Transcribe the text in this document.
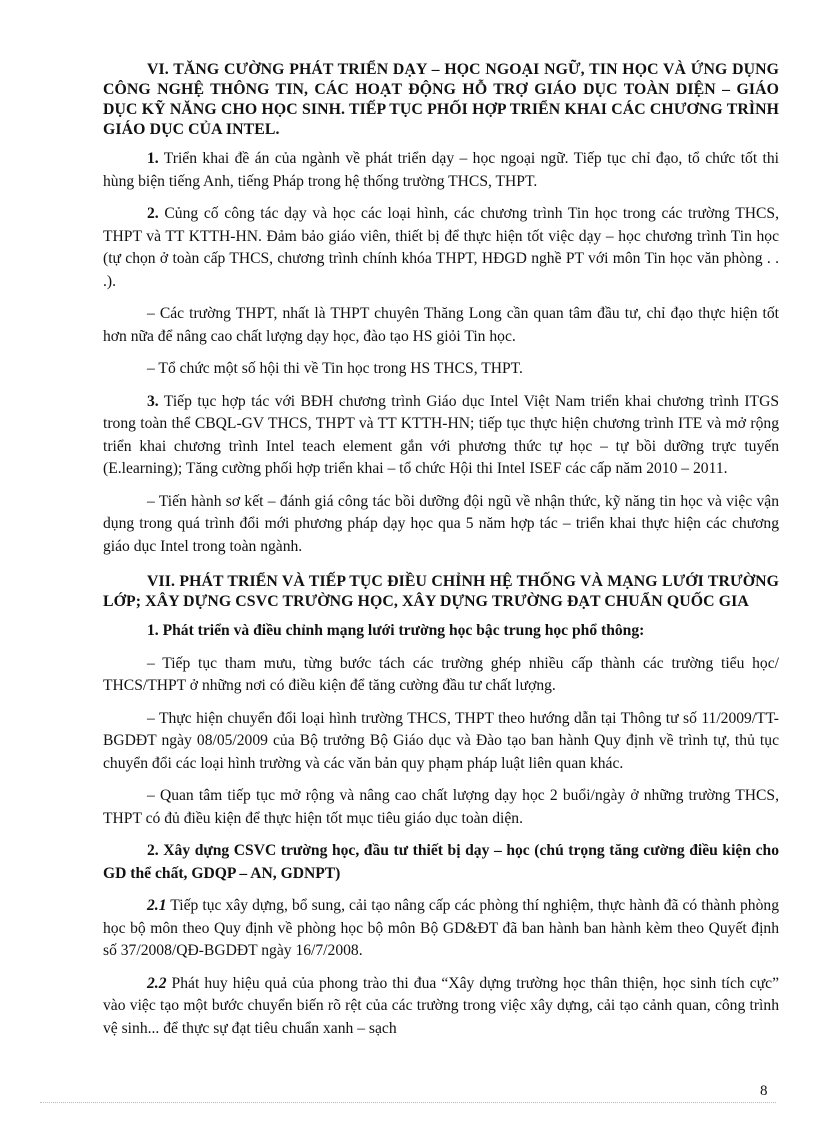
VI. TĂNG CƯỜNG PHÁT TRIỂN DẠY – HỌC NGOẠI NGỮ, TIN HỌC VÀ ỨNG DỤNG CÔNG NGHỆ THÔNG TIN, CÁC HOẠT ĐỘNG HỖ TRỢ GIÁO DỤC TOÀN DIỆN – GIÁO DỤC KỸ NĂNG CHO HỌC SINH. TIẾP TỤC PHỐI HỢP TRIỂN KHAI CÁC CHƯƠNG TRÌNH GIÁO DỤC CỦA INTEL.

1. Triển khai đề án của ngành về phát triển dạy – học ngoại ngữ. Tiếp tục chỉ đạo, tổ chức tốt thi hùng biện tiếng Anh, tiếng Pháp trong hệ thống trường THCS, THPT.

2. Củng cố công tác dạy và học các loại hình, các chương trình Tin học trong các trường THCS, THPT và TT KTTH-HN. Đảm bảo giáo viên, thiết bị để thực hiện tốt việc dạy – học chương trình Tin học (tự chọn ở toàn cấp THCS, chương trình chính khóa THPT, HĐGD nghề PT với môn Tin học văn phòng . . .).

– Các trường THPT, nhất là THPT chuyên Thăng Long cần quan tâm đầu tư, chỉ đạo thực hiện tốt hơn nữa để nâng cao chất lượng dạy học, đào tạo HS giỏi Tin học.

– Tổ chức một số hội thi về Tin học trong HS THCS, THPT.

3. Tiếp tục hợp tác với BĐH chương trình Giáo dục Intel Việt Nam triển khai chương trình ITGS trong toàn thể CBQL-GV THCS, THPT và TT KTTH-HN; tiếp tục thực hiện chương trình ITE và mở rộng triển khai chương trình Intel teach element gắn với phương thức tự học – tự bồi dưỡng trực tuyến (E.learning); Tăng cường phối hợp triển khai – tổ chức Hội thi Intel ISEF các cấp năm 2010 – 2011.

– Tiến hành sơ kết – đánh giá công tác bồi dưỡng đội ngũ về nhận thức, kỹ năng tin học và việc vận dụng trong quá trình đổi mới phương pháp dạy học qua 5 năm hợp tác – triển khai thực hiện các chương giáo dục Intel trong toàn ngành.

VII. PHÁT TRIỂN VÀ TIẾP TỤC ĐIỀU CHỈNH HỆ THỐNG VÀ MẠNG LƯỚI TRƯỜNG LỚP; XÂY DỰNG CSVC TRƯỜNG HỌC, XÂY DỰNG TRƯỜNG ĐẠT CHUẨN QUỐC GIA

1. Phát triển và điều chỉnh mạng lưới trường học bậc trung học phổ thông:

– Tiếp tục tham mưu, từng bước tách các trường ghép nhiều cấp thành các trường tiểu học/ THCS/THPT ở những nơi có điều kiện để tăng cường đầu tư chất lượng.

– Thực hiện chuyển đổi loại hình trường THCS, THPT theo hướng dẫn tại Thông tư số 11/2009/TT-BGDĐT ngày 08/05/2009 của Bộ trưởng Bộ Giáo dục và Đào tạo ban hành Quy định về trình tự, thủ tục chuyển đổi các loại hình trường và các văn bản quy phạm pháp luật liên quan khác.

– Quan tâm tiếp tục mở rộng và nâng cao chất lượng dạy học 2 buổi/ngày ở những trường THCS, THPT có đủ điều kiện để thực hiện tốt mục tiêu giáo dục toàn diện.

2. Xây dựng CSVC trường học, đầu tư thiết bị dạy – học (chú trọng tăng cường điều kiện cho GD thể chất, GDQP – AN, GDNPT)

2.1 Tiếp tục xây dựng, bổ sung, cải tạo nâng cấp các phòng thí nghiệm, thực hành đã có thành phòng học bộ môn theo Quy định về phòng học bộ môn Bộ GD&ĐT đã ban hành ban hành kèm theo Quyết định số 37/2008/QĐ-BGDĐT ngày 16/7/2008.

2.2 Phát huy hiệu quả của phong trào thi đua “Xây dựng trường học thân thiện, học sinh tích cực” vào việc tạo một bước chuyển biến rõ rệt của các trường trong việc xây dựng, cải tạo cảnh quan, công trình vệ sinh... để thực sự đạt tiêu chuẩn xanh – sạch

8
